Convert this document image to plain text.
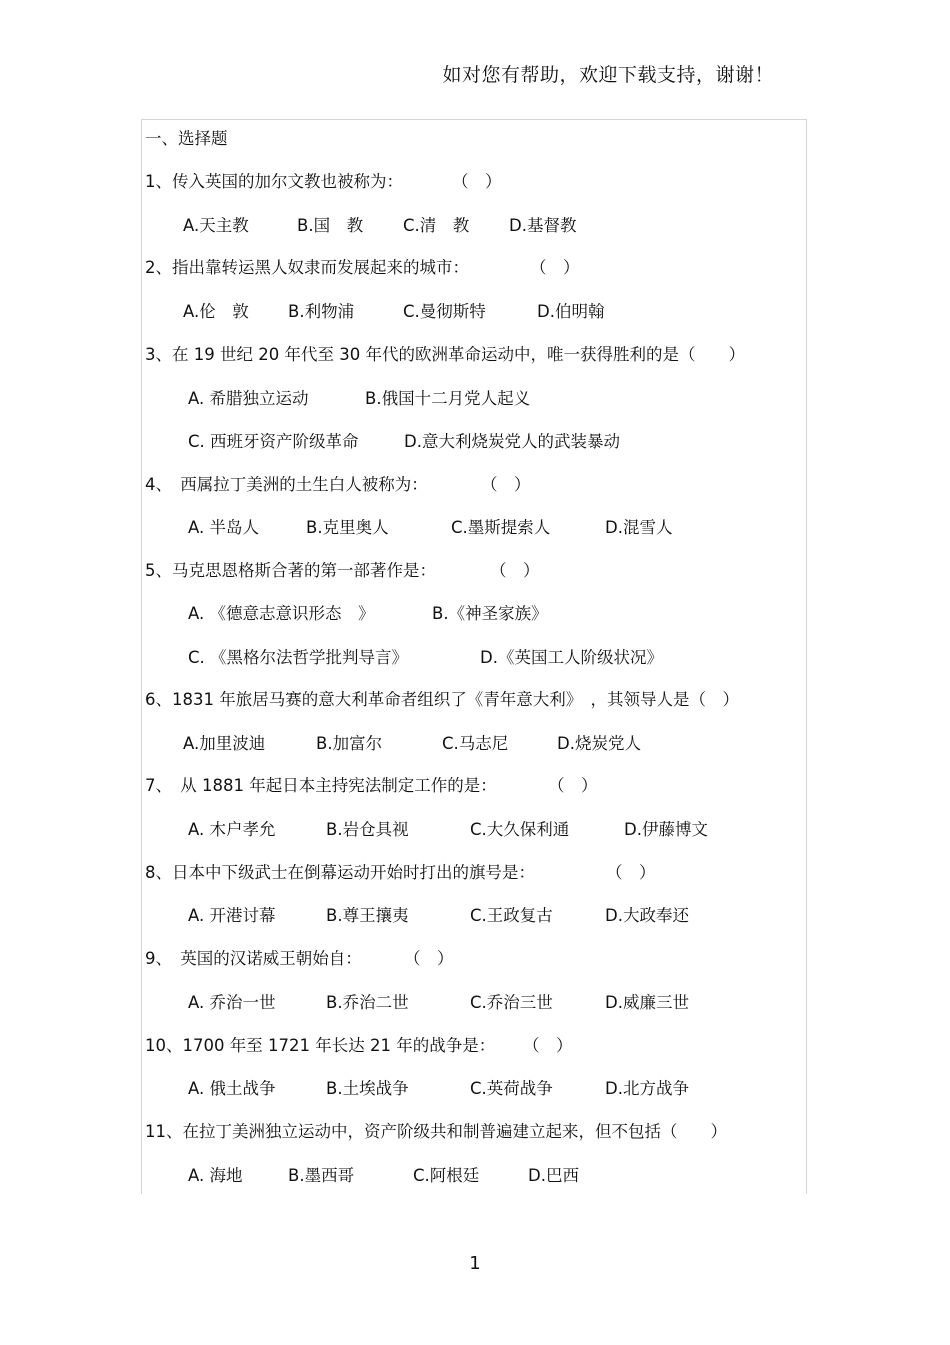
如对您有帮助，欢迎下载支持，谢谢！
一、选择题
1、传入英国的加尔文教也被称为：	（　）
A.天主教	B.国　教 C.清　教 D.基督教
2、指出靠转运黑人奴隶而发展起来的城市：	（　）
A.伦　敦 B.利物浦	C.曼彻斯特	D.伯明翰
3、在 19 世纪 20 年代至 30 年代的欧洲革命运动中，唯一获得胜利的是（　　）
A. 希腊独立运动	B.俄国十二月党人起义
C. 西班牙资产阶级革命	D.意大利烧炭党人的武装暴动
4、　西属拉丁美洲的土生白人被称为：	（　）
A. 半岛人	B.克里奥人	C.墨斯提索人	D.混雪人
5、马克思恩格斯合著的第一部著作是：	（　）
A. 《德意志意识形态　》	B.《神圣家族》
C. 《黑格尔法哲学批判导言》	D.《英国工人阶级状况》
6、1831 年旅居马赛的意大利革命者组织了《青年意大利》　，其领导人是（　）
A.加里波迪	B.加富尔	C.马志尼	D.烧炭党人
7、　从 1881 年起日本主持宪法制定工作的是：	（　）
A. 木户孝允	B.岩仓具视	C.大久保利通	D.伊藤博文
8、日本中下级武士在倒幕运动开始时打出的旗号是：	（　）
A. 开港讨幕	B.尊王攘夷	C.王政复古	D.大政奉还
9、　英国的汉诺威王朝始自：	（　）
A. 乔治一世	B.乔治二世	C.乔治三世	D.威廉三世
10、1700 年至 1721 年长达 21 年的战争是： （　）
A. 俄土战争	B.土埃战争	C.英荷战争	D.北方战争
11、在拉丁美洲独立运动中，资产阶级共和制普遍建立起来，但不包括（　　）
A. 海地	B.墨西哥	C.阿根廷	D.巴西
1
